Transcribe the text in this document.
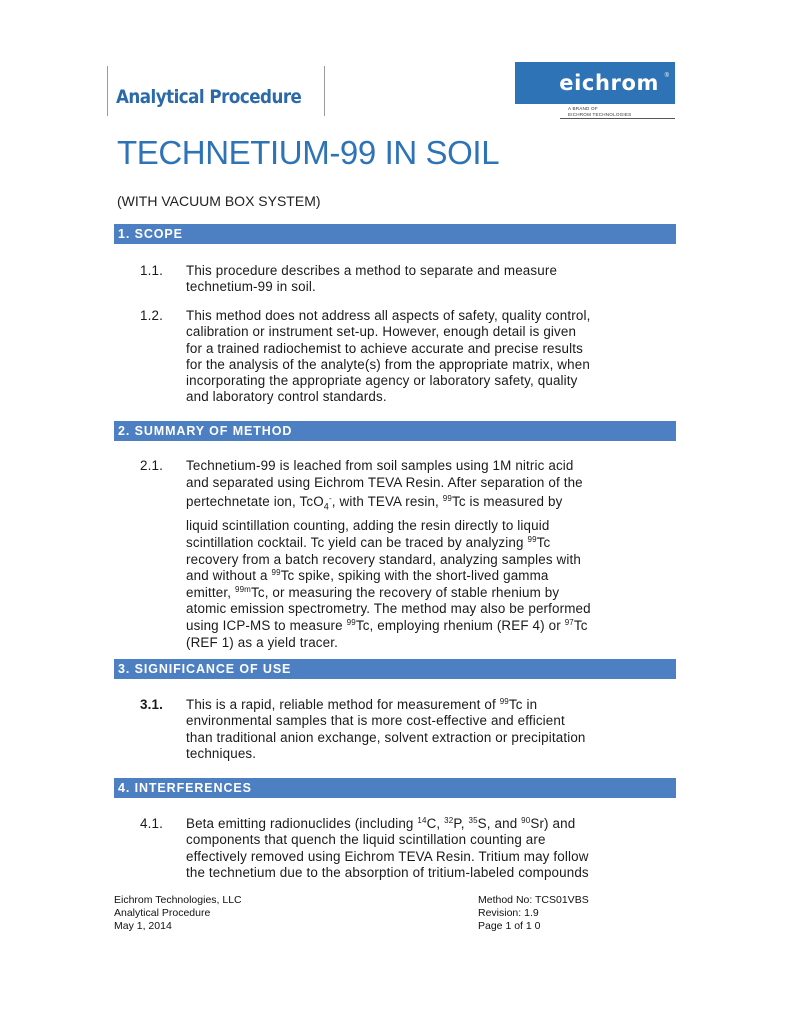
Analytical Procedure
eichrom ®
A BRAND OF
EICHROM TECHNOLOGIES
TECHNETIUM-99 IN SOIL
(WITH VACUUM BOX SYSTEM)
1. SCOPE
1.1.	This procedure describes a method to separate and measure
technetium-99 in soil.
1.2.	This method does not address all aspects of safety, quality control,
calibration or instrument set-up. However, enough detail is given
for a trained radiochemist to achieve accurate and precise results
for the analysis of the analyte(s) from the appropriate matrix, when
incorporating the appropriate agency or laboratory safety, quality
and laboratory control standards.
2. SUMMARY OF METHOD
2.1.	Technetium-99 is leached from soil samples using 1M nitric acid
and separated using Eichrom TEVA Resin. After separation of the
pertechnetate ion, TcO$_4$-, with TEVA resin, $^{99}$Tc is measured by
liquid scintillation counting, adding the resin directly to liquid
scintillation cocktail. Tc yield can be traced by analyzing $^{99}$Tc
recovery from a batch recovery standard, analyzing samples with
and without a $^{99}$Tc spike, spiking with the short-lived gamma
emitter, $^{99m}$Tc, or measuring the recovery of stable rhenium by
atomic emission spectrometry. The method may also be performed
using ICP-MS to measure $^{99}$Tc, employing rhenium (REF 4) or $^{97}$Tc
(REF 1) as a yield tracer.
3. SIGNIFICANCE OF USE
3.1.	This is a rapid, reliable method for measurement of $^{99}$Tc in
environmental samples that is more cost-effective and efficient
than traditional anion exchange, solvent extraction or precipitation
techniques.
4. INTERFERENCES
4.1.	Beta emitting radionuclides (including $^{14}$C, $^{32}$P, $^{35}$S, and $^{90}$Sr) and
components that quench the liquid scintillation counting are
effectively removed using Eichrom TEVA Resin. Tritium may follow
the technetium due to the absorption of tritium-labeled compounds
Eichrom Technologies, LLC
Analytical Procedure
May 1, 2014
Method No: TCS01VBS
Revision: 1.9
Page 1 of 1 0
